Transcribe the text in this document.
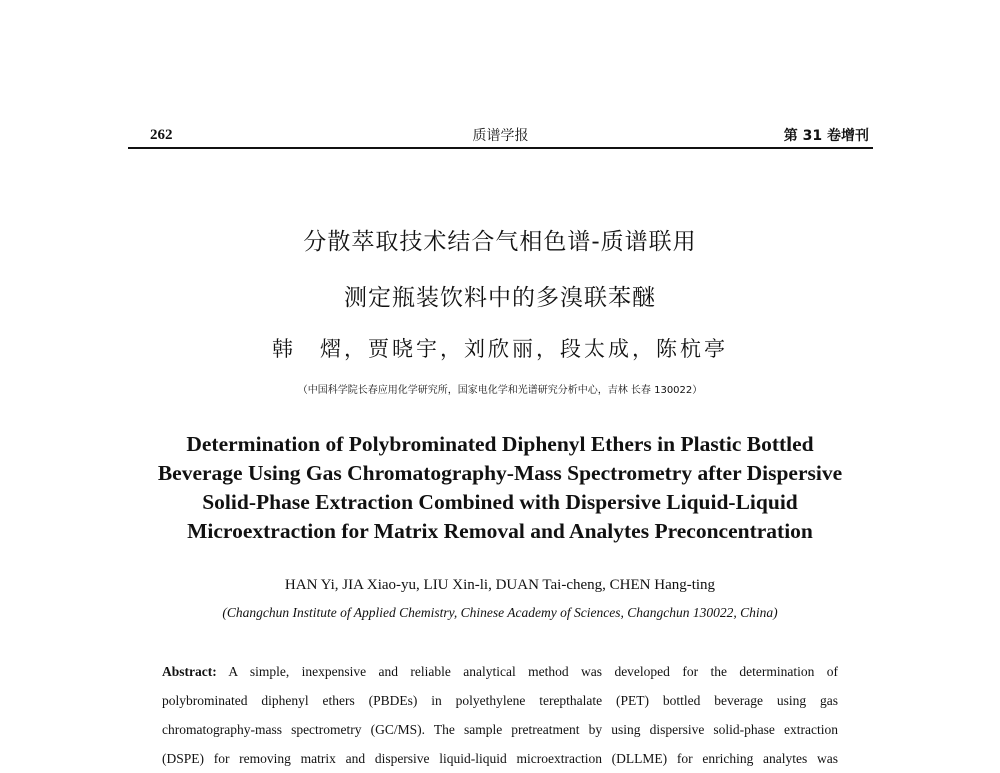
262	质谱学报	第 31 卷增刊
分散萃取技术结合气相色谱-质谱联用
测定瓶装饮料中的多溴联苯醚
韩　熠，贾晓宇，刘欣丽，段太成，陈杭亭
（中国科学院长春应用化学研究所，国家电化学和光谱研究分析中心，吉林 长春 130022）
Determination of Polybrominated Diphenyl Ethers in Plastic Bottled
Beverage Using Gas Chromatography-Mass Spectrometry after Dispersive
Solid-Phase Extraction Combined with Dispersive Liquid-Liquid
Microextraction for Matrix Removal and Analytes Preconcentration
HAN Yi, JIA Xiao-yu, LIU Xin-li, DUAN Tai-cheng, CHEN Hang-ting
(Changchun Institute of Applied Chemistry, Chinese Academy of Sciences, Changchun 130022, China)
Abstract: A simple, inexpensive and reliable analytical method was developed for the determination of
polybrominated diphenyl ethers (PBDEs) in polyethylene terepthalate (PET) bottled beverage using gas
chromatography-mass spectrometry (GC/MS). The sample pretreatment by using dispersive solid-phase extraction
(DSPE) for removing matrix and dispersive liquid-liquid microextraction (DLLME) for enriching analytes was
